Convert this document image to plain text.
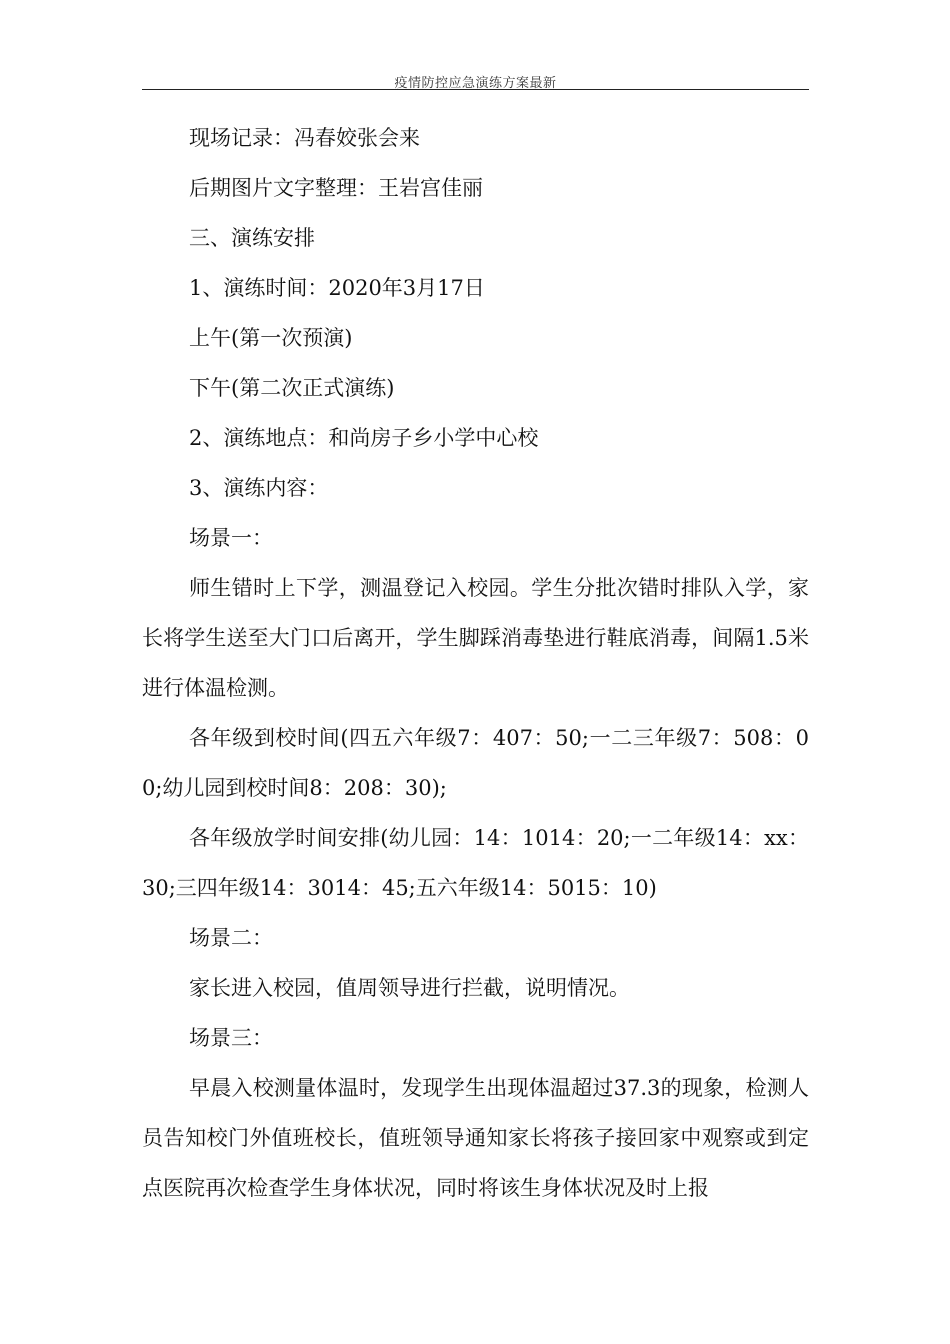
疫情防控应急演练方案最新

现场记录：冯春姣张会来

后期图片文字整理：王岩宫佳丽

三、演练安排

1、演练时间：2020年3月17日

上午(第一次预演)

下午(第二次正式演练)

2、演练地点：和尚房子乡小学中心校

3、演练内容：

场景一：

师生错时上下学，测温登记入校园。学生分批次错时排队入学，家长将学生送至大门口后离开，学生脚踩消毒垫进行鞋底消毒，间隔1.5米进行体温检测。

各年级到校时间(四五六年级7：407：50;一二三年级7：508：00;幼儿园到校时间8：208：30);

各年级放学时间安排(幼儿园：14：1014：20;一二年级14：xx：30;三四年级14：3014：45;五六年级14：5015：10)

场景二：

家长进入校园，值周领导进行拦截，说明情况。

场景三：

早晨入校测量体温时，发现学生出现体温超过37.3的现象，检测人员告知校门外值班校长，值班领导通知家长将孩子接回家中观察或到定点医院再次检查学生身体状况，同时将该生身体状况及时上报
